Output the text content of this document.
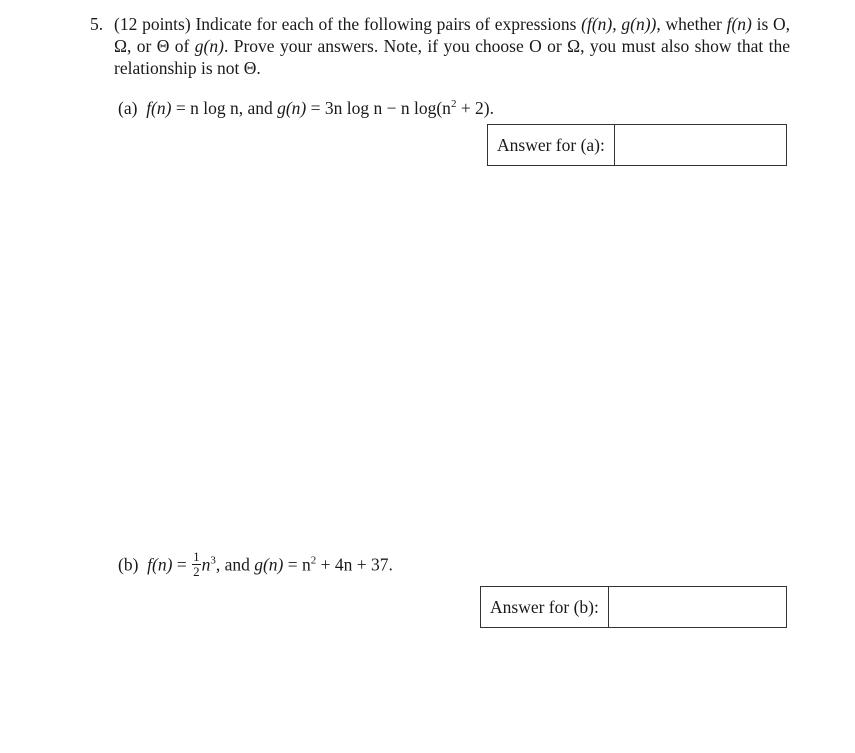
5. (12 points) Indicate for each of the following pairs of expressions (f(n), g(n)), whether f(n) is O, Ω, or Θ of g(n). Prove your answers. Note, if you choose O or Ω, you must also show that the relationship is not Θ.
(a) f(n) = n log n, and g(n) = 3n log n − n $\log(n^2 + 2)$.
Answer for (a):
(b) $f(n) = \frac{1}{2} n^3$, and $g(n) = n^2 + 4n + 37$.
Answer for (b):
